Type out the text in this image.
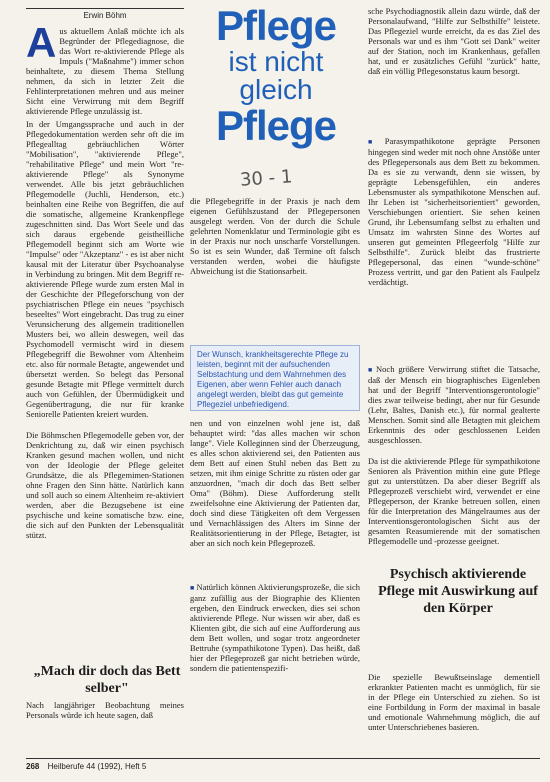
Erwin Böhm
A us aktuellem Anlaß möchte ich als Begründer der Pflegediagnose, die das Wort re-aktivierende Pflege als Impuls ("Maßnahme") immer schon beinhaltete, zu diesem Thema Stellung nehmen, da sich in letzter Zeit die Fehlinterpretationen mehren und aus meiner Sicht eine Verwirrung mit dem Begriff aktivierende Pflege unzulässig ist.

In der Umgangssprache und auch in der Pflegedokumentation werden sehr oft die im Pflegealltag gebräuchlichen Wörter "Mobilisation", "aktivierende Pflege", "rehabilitative Pflege" und mein Wort "re-aktivierende Pflege" als Synonyme verwendet. Alle bis jetzt gebräuchlichen Pflegemodelle (Juchli, Henderson, etc.) beinhalten eine Reihe von Begriffen, die auf die somatische, allgemeine Krankenpflege zugeschnitten sind. Das Wort Seele und das sich daraus ergebende geistheilliche Pflegemodell beginnt sich am Worte wie "Impulse" oder "Akzeptanz" - es ist aber nicht kausal mit der Literatur über Psychoanalyse in Verbindung zu bringen. Mit dem Begriff re-aktivierende Pflege wurde zum ersten Mal in der Geschichte der Pflegeforschung von der psychiatrischen Pflege ein neues "psychisch beseeltes" Wort eingebracht. Das trug zu einer Verunsicherung des allgemein traditionellen Musters bei, wo allein deswegen, weil das Psychomodell vermischt wird in diesem Pflegebegriff die Bewohner vom Altenheim etc. also für normale Betagte, angewendet und übersetzt werden. So belegt das Personal gesunde Betagte mit Pflege vermittelt durch auch von Gefühlen, der Übermüdigkeit und Gegenübertragung, die nur für kranke Seniorelle Patienten kreiert wurden.

Die Böhmschen Pflegemodelle geben vor, der Denkrichtung zu, daß wir einen psychisch Kranken gesund machen wollen, und nicht von der Ideologie der Pflege geleitet Grundsätze, die als Pflegemimen-Stationen ohne Fragen den Sinn hätte. Natürlich kann und soll auch so einem Altenheim re-aktiviert werden, aber die Bezugsebene ist eine psychische und keine somatische bzw. eine, die sich auf den Punkten der Lebensqualität stützt.

„Mach dir doch das Bett selber"

Nach langjähriger Beobachtung meines Personals würde ich heute sagen, daß

Pflege
ist nicht
gleich
Pflege
30 - 1

die Pflegebegriffe in der Praxis je nach dem eigenen Gefühlszustand der Pflegepersonen ausgelegt werden. Von der durch die Schule gelehrten Nomenklatur und Terminologie gibt es in der Praxis nur noch unscharfe Vorstellungen. So ist es sein Wunder, daß Termine oft falsch verstanden werden, wobei die häufigste Abweichung ist die Stationsarbeit.

Der Wunsch, krankheitsgerechte Pflege zu leisten, beginnt mit der aufsuchenden Selbstachtung und dem Wahrnehmen des Eigenen, aber wenn Fehler auch danach angelegt werden, bleibt das gut gemeinte Pflegeziel unbefriedigend.

nen und von einzelnen wohl jene ist, daß behauptet wird: "das alles machen wir schon lange". Viele Kolleginnen sind der Überzeugung, es alles schon aktivierend sei, den Patienten aus dem Bett auf einen Stuhl neben das Bett zu setzen, mit ihm einige Schritte zu rüsten oder gar anzuordnen, "mach dir doch das Bett selber Oma" (Böhm). Diese Aufforderung stellt zweifelsohne eine Aktivierung der Patienten dar, doch sind diese Tätigkeiten oft dem Vergessen und Vernachlässigen des Alters im Sinne der Realitätsorientierung in der Pflege, Betagter, ist aber an sich noch kein Pflegeprozeß.

■ Natürlich können Aktivierungsprozeße, die sich ganz zufällig aus der Biographie des Klienten ergeben, den Eindruck erwecken, dies sei schon aktivierende Pflege. Nur wissen wir aber, daß es Klienten gibt, die sich auf eine Aufforderung aus dem Bett wollen, und sogar trotz angeordneter Bettruhe (sympathikotone Typen). Das heißt, daß hier der Pflegeprozeß gar nicht betrieben würde, sondern die patientenspezifi-

sche Psychodiagnostik allein dazu würde, daß der Personalaufwand, "Hilfe zur Selbsthilfe" leistete. Das Pflegeziel wurde erreicht, da es das Ziel des Personals war und es ihm "Gott sei Dank" weiter auf der Station, noch im Krankenhaus, gefallen hat, und er zusätzliches Gefühl "zurück" hatte, daß ein völlig Pflegesonstatus kaum besorgt.

■ Parasympathikotone geprägte Personen hingegen sind weder mit noch ohne Anstöße unter des Pflegepersonals aus dem Bett zu bekommen. Da es sie zu verwandt, denn sie wissen, by geprägte Lebensgefühlen, ein anderes Lebensmuster als sympathikotone Menschen auf. Ihr Leben ist "sicherheitsorientiert" geworden, Verschiebungen orientiert. Sie sehen keinen Grund, ihr Lebensumfang selbst zu erhalten und Umsatz im wahrsten Sinne des Wortes auf unseren gut gemeinten Pflegeerfolg "Hilfe zur Selbsthilfe". Zurück bleibt das frustrierte Pflegepersonal, das einen "wunde-schöne" Prozess vertritt, und gar den Patient als Faulpelz verdächtigt.

■ Noch größere Verwirrung stiftet die Tatsache, daß der Mensch ein biographisches Eigenleben hat und der Begriff "Interventionsgerontologie" dies zwar teilweise bedingt, aber nur für Gesunde (Lehr, Baltes, Danish etc.), für normal gealterte Menschen. Somit sind alle Betagten mit gleichem Erkenntnis des oder geschlossenen Leiden ausgeschlossen.

Da ist die aktivierende Pflege für sympathikotone Senioren als Prävention mithin eine gute Pflege gut zu unterstützen. Da aber dieser Begriff als Pflegeprozeß verschiebt wird, verwendet er eine Pflegeperson, der Kranke betreuen sollen, einen für die Interpretation des Mängelraumes aus der Interventionsgerontologischen Sicht aus der gesamten Reasumierende mit der somatischen Pflegemodelle und -prozesse geeignet.

Psychisch aktivierende Pflege mit Auswirkung auf den Körper

Die spezielle Bewußtseinslage dementiell erkrankter Patienten macht es unmöglich, für sie in der Pflege ein Unterschied zu ziehen. So ist eine Fortbildung in Form der maximal in basale und emotionale Wahrnehmung möglich, die auf unter Unterschriebenes basieren.

268 Heilberufe 44 (1992), Heft 5
